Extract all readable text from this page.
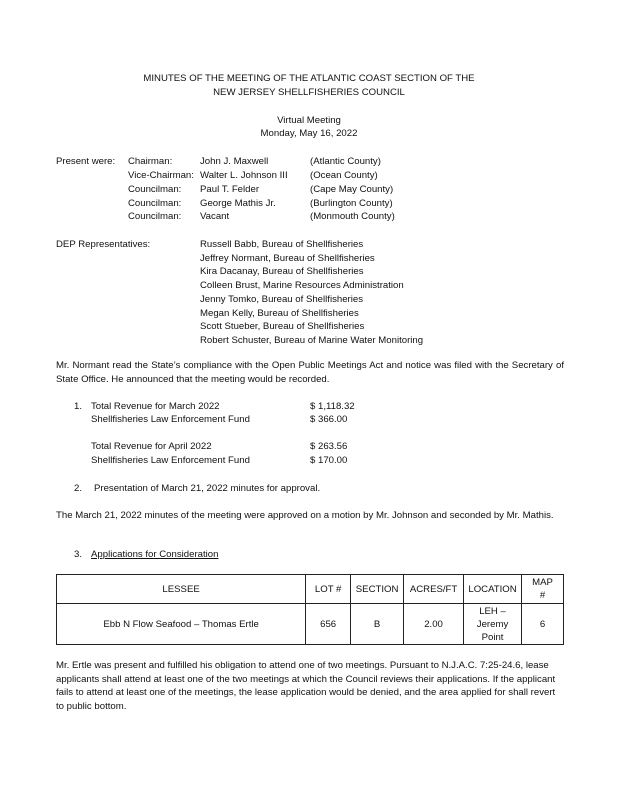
MINUTES OF THE MEETING OF THE ATLANTIC COAST SECTION OF THE
NEW JERSEY SHELLFISHERIES COUNCIL
Virtual Meeting
Monday, May 16, 2022
Present were: Chairman:	John J. Maxwell	(Atlantic County)
Vice-Chairman: Walter L. Johnson III (Ocean County)
Councilman: Paul T. Felder	(Cape May County)
Councilman: George Mathis Jr.	(Burlington County)
Councilman: Vacant	(Monmouth County)
DEP Representatives:	Russell Babb, Bureau of Shellfisheries
Jeffrey Normant, Bureau of Shellfisheries
Kira Dacanay, Bureau of Shellfisheries
Colleen Brust, Marine Resources Administration
Jenny Tomko, Bureau of Shellfisheries
Megan Kelly, Bureau of Shellfisheries
Scott Stueber, Bureau of Shellfisheries
Robert Schuster, Bureau of Marine Water Monitoring
Mr. Normant read the State’s compliance with the Open Public Meetings Act and notice was filed with the Secretary of State Office. He announced that the meeting would be recorded.
1. Total Revenue for March 2022	$ 1,118.32
Shellfisheries Law Enforcement Fund	$ 366.00
Total Revenue for April 2022	$ 263.56
Shellfisheries Law Enforcement Fund	$ 170.00
2. Presentation of March 21, 2022 minutes for approval.
The March 21, 2022 minutes of the meeting were approved on a motion by Mr. Johnson and seconded by Mr. Mathis.
3. Applications for Consideration
LESSEE	LOT #	SECTION	ACRES/FT	LOCATION	MAP
#
Ebb N Flow Seafood – Thomas Ertle	656	B	2.00	LEH –
Jeremy
Point	6
Mr. Ertle was present and fulfilled his obligation to attend one of two meetings. Pursuant to N.J.A.C. 7:25-24.6, lease applicants shall attend at least one of the two meetings at which the Council reviews their applications. If the applicant fails to attend at least one of the meetings, the lease application would be denied, and the area applied for shall revert to public bottom.
